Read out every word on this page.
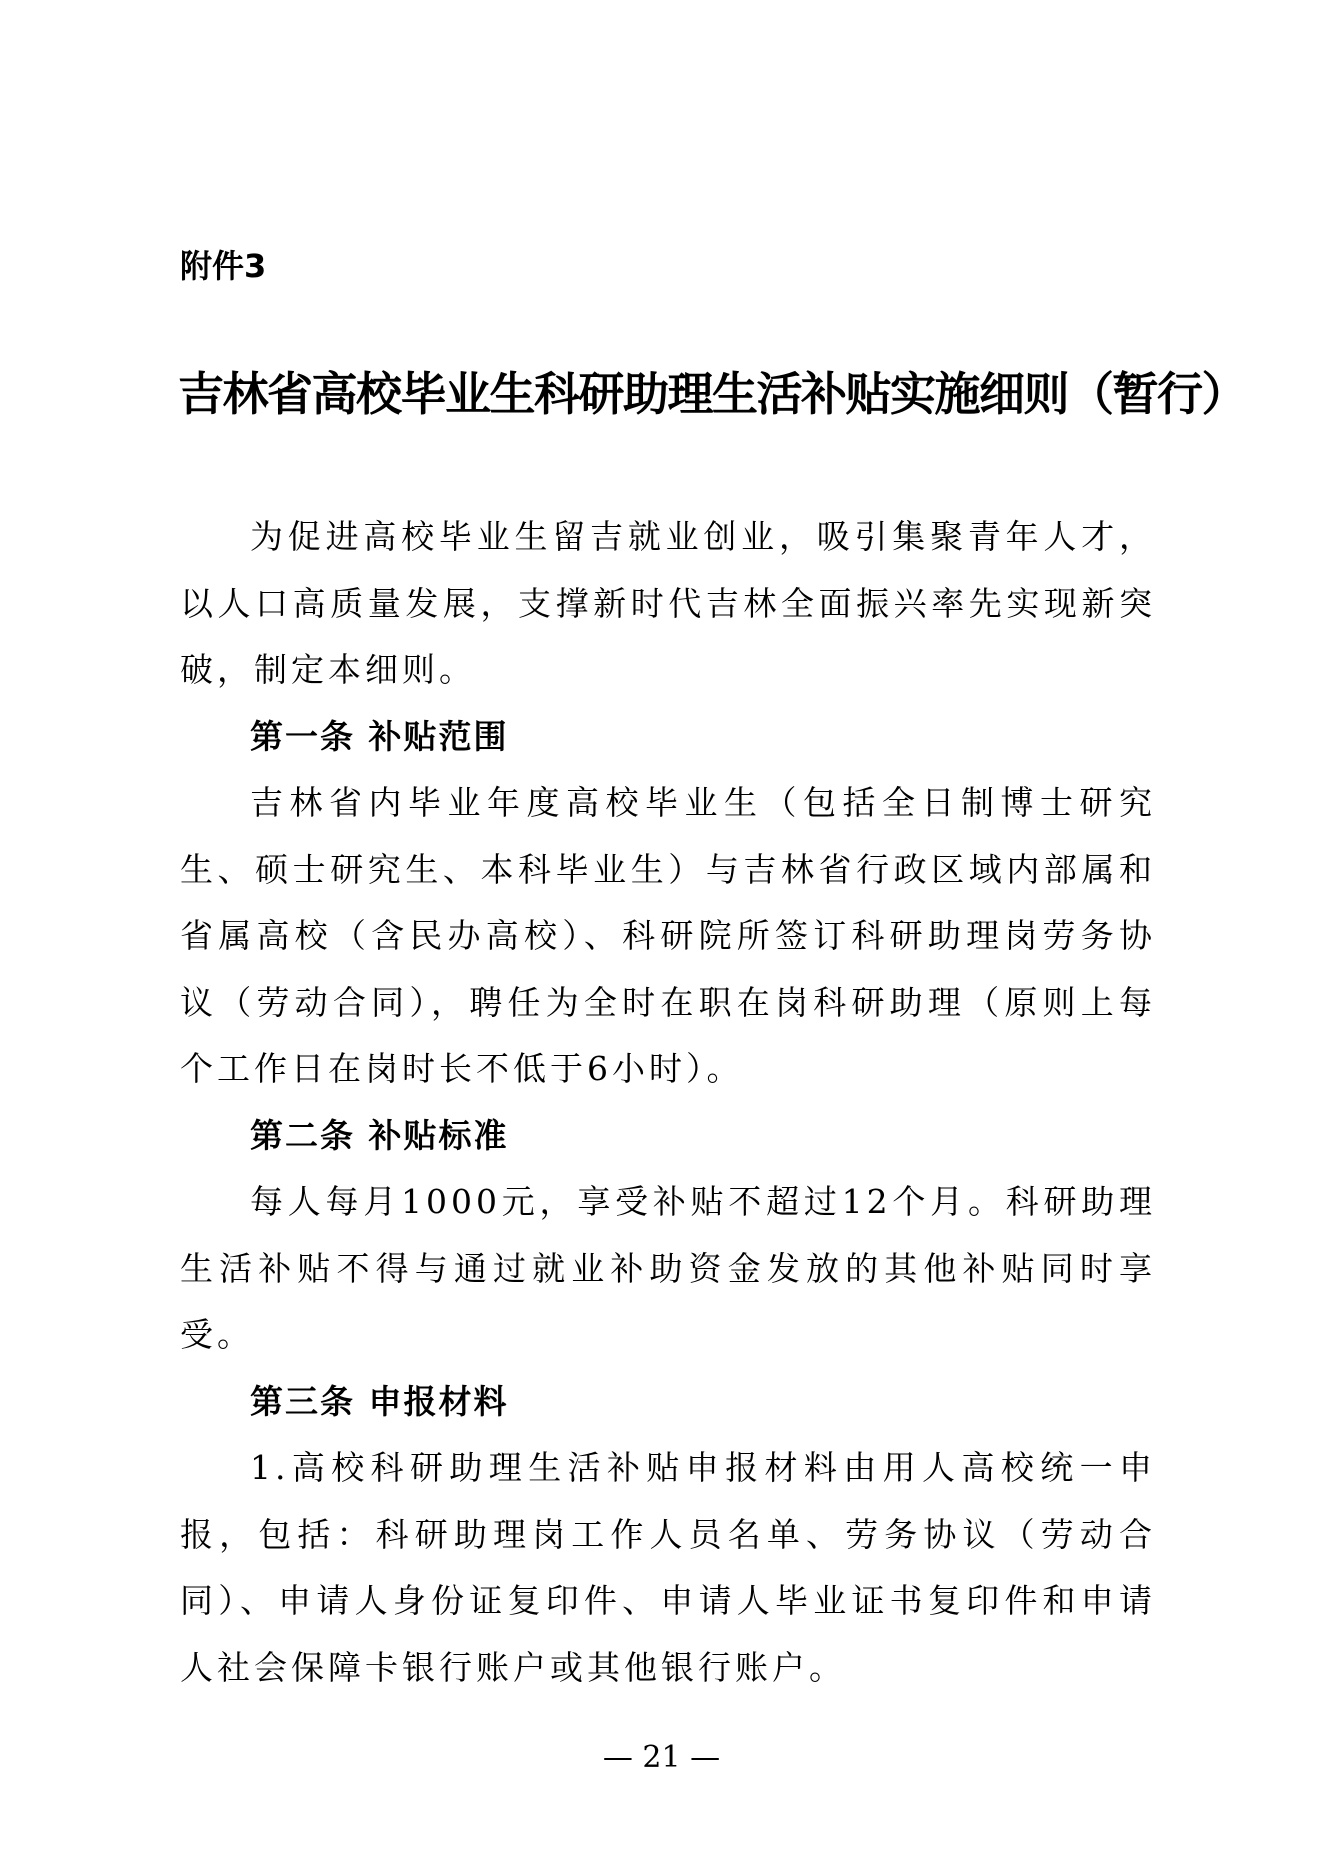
附件3
吉林省高校毕业生科研助理生活补贴实施细则（暂行）

为促进高校毕业生留吉就业创业，吸引集聚青年人才，以人口高质量发展，支撑新时代吉林全面振兴率先实现新突破，制定本细则。

第一条 补贴范围

吉林省内毕业年度高校毕业生（包括全日制博士研究生、硕士研究生、本科毕业生）与吉林省行政区域内部属和省属高校（含民办高校）、科研院所签订科研助理岗劳务协议（劳动合同），聘任为全时在职在岗科研助理（原则上每个工作日在岗时长不低于6小时）。

第二条 补贴标准

每人每月1000元，享受补贴不超过12个月。科研助理生活补贴不得与通过就业补助资金发放的其他补贴同时享受。

第三条 申报材料

1.高校科研助理生活补贴申报材料由用人高校统一申报，包括：科研助理岗工作人员名单、劳务协议（劳动合同）、申请人身份证复印件、申请人毕业证书复印件和申请人社会保障卡银行账户或其他银行账户。

— 21 —
